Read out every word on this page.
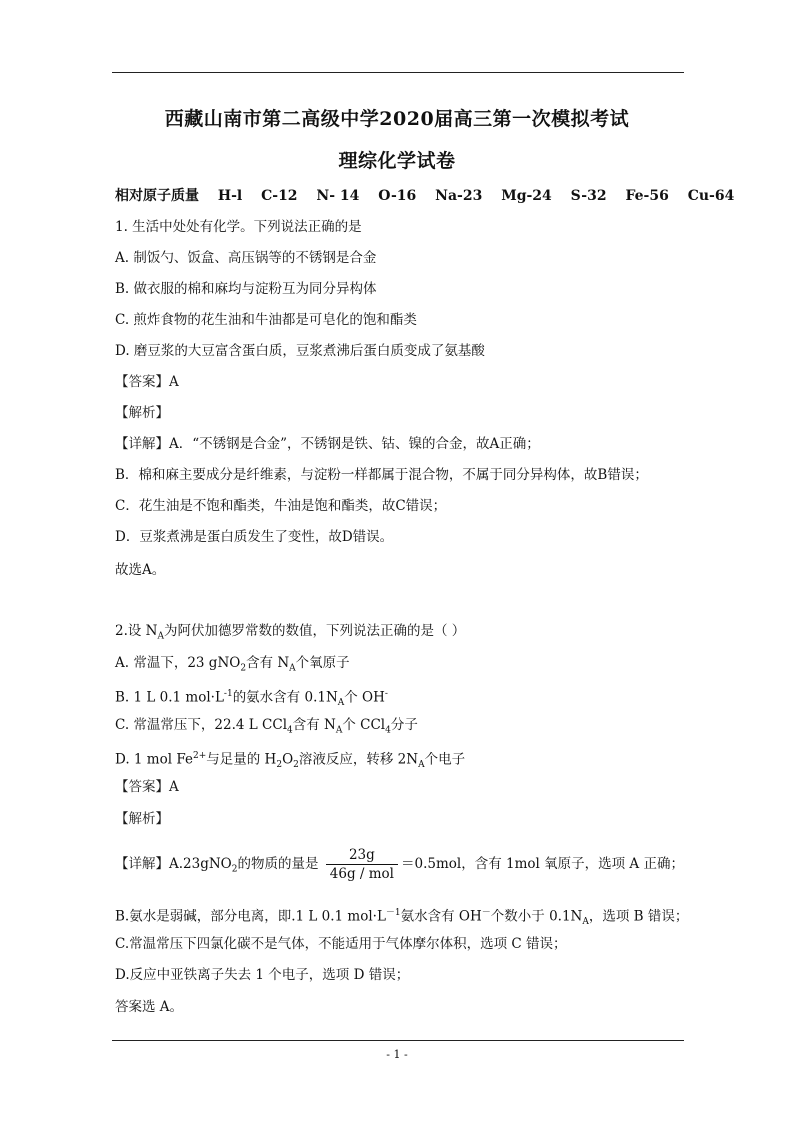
西藏山南市第二高级中学2020届高三第一次模拟考试
理综化学试卷
相对原子质量 H-l C-12 N- 14 O-16 Na-23 Mg-24 S-32 Fe-56 Cu-64
1. 生活中处处有化学。下列说法正确的是
A. 制饭勺、饭盒、高压锅等的不锈钢是合金
B. 做衣服的棉和麻均与淀粉互为同分异构体
C. 煎炸食物的花生油和牛油都是可皂化的饱和酯类
D. 磨豆浆的大豆富含蛋白质，豆浆煮沸后蛋白质变成了氨基酸
【答案】A
【解析】
【详解】A．“不锈钢是合金”，不锈钢是铁、钴、镍的合金，故A正确；
B．棉和麻主要成分是纤维素，与淀粉一样都属于混合物，不属于同分异构体，故B错误；
C．花生油是不饱和酯类，牛油是饱和酯类，故C错误；
D．豆浆煮沸是蛋白质发生了变性，故D错误。
故选A。
2.设 $N_A$为阿伏加德罗常数的数值，下列说法正确的是（ ）
A. 常温下，23 gNO$_2$含有 $N_A$个氧原子
B. 1 L 0.1 $mol\cdot L^{-1}$的氨水含有 $0.1N_A$个 OH-
C. 常温常压下，22.4 L CCl$_4$含有 $N_A$个 CCl$_4$分子
D. 1 mol $Fe^{2+}$与足量的 $H_2O_2$溶液反应，转移 $2N_A$个电子
【答案】A
【解析】
【详解】A.23gNO$_2$的物质的量是 $\frac{23g}{\text{46g / mol}} =0.5mol$，含有 1mol 氧原子，选项 A 正确；
B.氨水是弱碱，部分电离，即.1 L 0.1 $mol\cdot L^{-1}$氨水含有 OH－个数小于 $0.1N_A$，选项 B 错误；
C.常温常压下四氯化碳不是气体，不能适用于气体摩尔体积，选项 C 错误；
D.反应中亚铁离子失去 1 个电子，选项 D 错误；
答案选 A。
- 1 -
